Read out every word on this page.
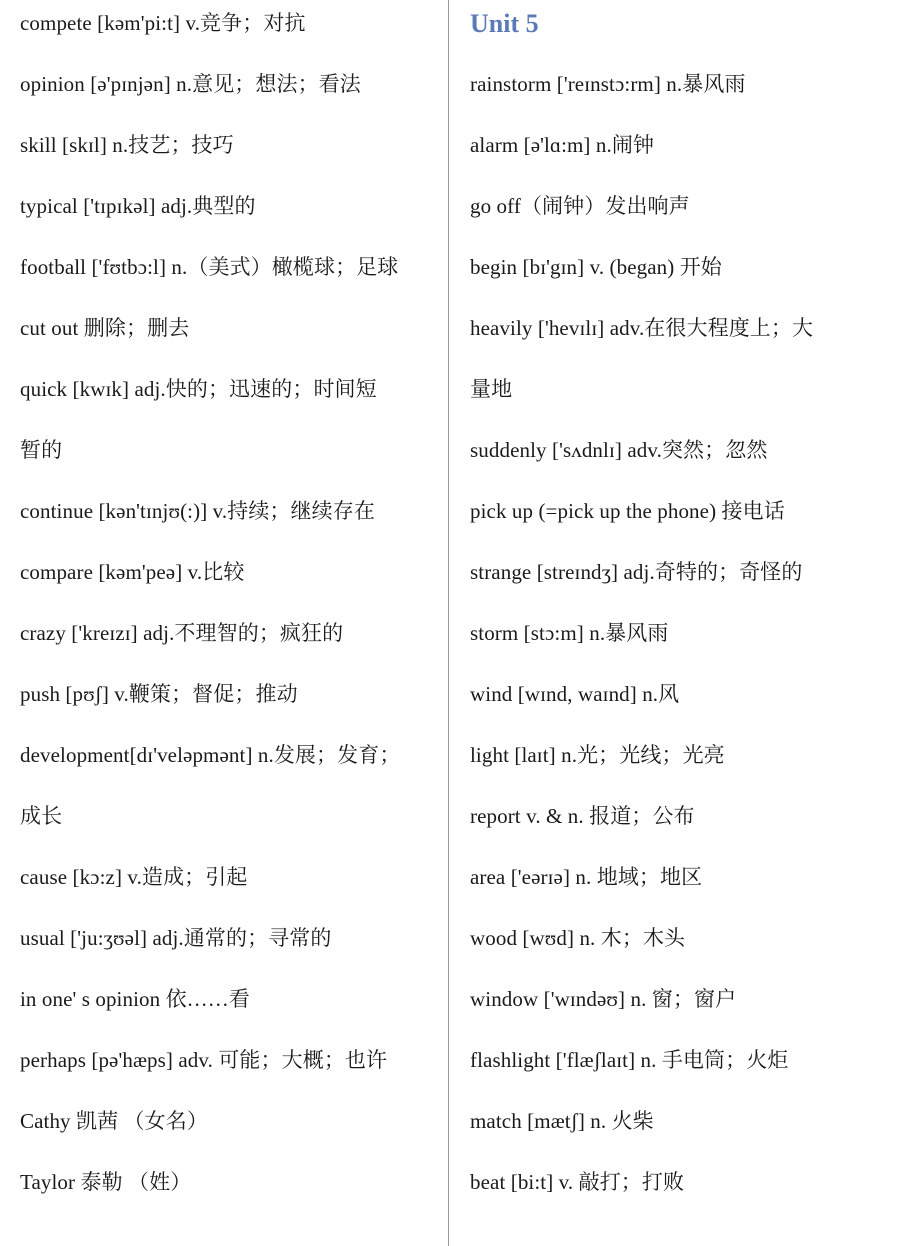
compete [kəm'pi:t] v.竞争；对抗
opinion [ə'pɪnjən] n.意见；想法；看法
skill [skɪl] n.技艺；技巧
typical ['tɪpɪkəl] adj.典型的
football ['fʊtbɔ:l] n.（美式）橄榄球；足球
cut out 删除；删去
quick [kwɪk] adj.快的；迅速的；时间短
暂的
continue [kən'tɪnjʊ(:)] v.持续；继续存在
compare [kəm'peə] v.比较
crazy ['kreɪzɪ] adj.不理智的；疯狂的
push [pʊʃ] v.鞭策；督促；推动
development[dɪ'veləpmənt] n.发展；发育；
成长
cause [kɔ:z] v.造成；引起
usual ['ju:ʒʊəl] adj.通常的；寻常的
in one' s opinion 依……看
perhaps [pə'hæps] adv. 可能；大概；也许
Cathy 凯茜 （女名）
Taylor 泰勒 （姓）
Unit 5
rainstorm ['reɪnstɔ:rm] n.暴风雨
alarm [ə'lɑ:m] n.闹钟
go off（闹钟）发出响声
begin [bɪ'gɪn] v. (began) 开始
heavily ['hevɪlɪ] adv.在很大程度上；大
量地
suddenly ['sʌdnlɪ] adv.突然；忽然
pick up (=pick up the phone) 接电话
strange [streɪndʒ] adj.奇特的；奇怪的
storm [stɔ:m] n.暴风雨
wind [wɪnd, waɪnd] n.风
light [laɪt] n.光；光线；光亮
report v. & n. 报道；公布
area ['eərɪə] n. 地域；地区
wood [wʊd] n. 木；木头
window ['wɪndəʊ] n. 窗；窗户
flashlight ['flæʃlaɪt] n. 手电筒；火炬
match [mætʃ] n. 火柴
beat [bi:t] v. 敲打；打败
